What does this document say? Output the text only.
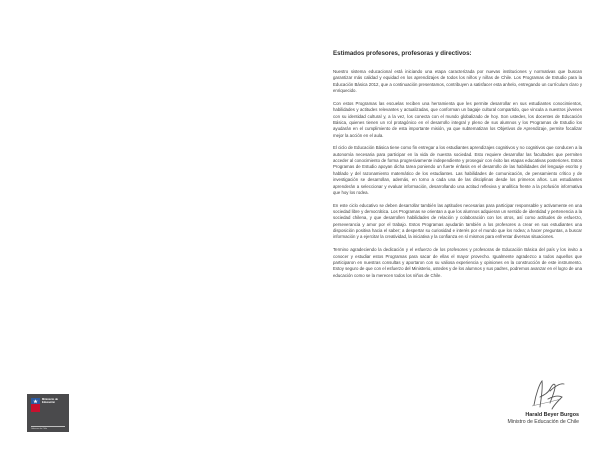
Estimados profesores, profesoras y directivos:

Nuestro sistema educacional está iniciando una etapa caracterizada por nuevas instituciones y normativas que buscan garantizar más calidad y equidad en los aprendizajes de todos los niños y niñas de Chile. Los Programas de Estudio para la Educación Básica 2012, que a continuación presentamos, contribuyen a satisfacer esta anhelo, entregando un currículum claro y enriquecido.

Con estos Programas las escuelas reciben una herramienta que les permite desarrollar en sus estudiantes conocimientos, habilidades y actitudes relevantes y actualizadas, que conforman un bagaje cultural compartido, que vincula a nuestros jóvenes con su identidad cultural y, a la vez, los conecta con el mundo globalizado de hoy. Son ustedes, los docentes de Educación Básica, quienes tienen un rol protagónico en el desarrollo integral y pleno de sus alumnos y los Programas de Estudio los ayudarán en el cumplimiento de esta importante misión, ya que subtematizan los Objetivos de Aprendizaje, permite focalizar mejor la acción en el aula.

El ciclo de Educación Básica tiene como fin entregar a los estudiantes aprendizajes cognitivos y no cognitivos que conducen a la autonomía necesaria para participar en la vida de nuestra sociedad. Esto requiere desarrollar las facultades que permiten acceder al conocimiento de forma progresivamente independiente y proseguir con éxito las etapas educativas posteriores. Estos Programas de Estudio apoyan dicha tarea poniendo un fuerte énfasis en el desarrollo de las habilidades del lenguaje escrito y hablado y del razonamiento matemático de los estudiantes. Las habilidades de comunicación, de pensamiento crítico y de investigación se desarrollan, además, en torno a cada una de las disciplinas desde los primeros años. Los estudiantes aprenderán a seleccionar y evaluar información, desarrollando una actitud reflexiva y analítica frente a la profusión informativa que hoy los rodea.

En este ciclo educativo se deben desarrollar también las aptitudes necesarias para participar responsable y activamente en una sociedad libre y democrática. Los Programas se orientan a que los alumnos adquieran un sentido de identidad y pertenencia a la sociedad chilena, y que desarrollen habilidades de relación y colaboración con los otros, así como actitudes de esfuerzo, perseverancia y amor por el trabajo. Estos Programas ayudarán también a los profesores a crear en sus estudiantes una disposición positiva hacia el saber; a despertar su curiosidad e interés por el mundo que los rodea; a hacer preguntas, a buscar información y a ejercitar la creatividad, la iniciativa y la confianza en sí mismos para enfrentar diversas situaciones.

Termino agradeciendo la dedicación y el esfuerzo de los profesores y profesoras de Educación Básica del país y los invito a conocer y estudiar estos Programas para sacar de ellas el mayor provecho. Igualmente agradezco a todos aquellos que participaron en nuestras consultas y aportaron con su valiosa experiencia y opiniones en la construcción de este instrumento. Estoy seguro de que con el esfuerzo del Ministerio, ustedes y de los alumnos y sus padres, podremos avanzar en el logro de una educación como se la merecen todos los niños de Chile.

Harald Beyer Burgos
Ministro de Educación de Chile
Ministerio de
Educación
Gobierno de Chile
